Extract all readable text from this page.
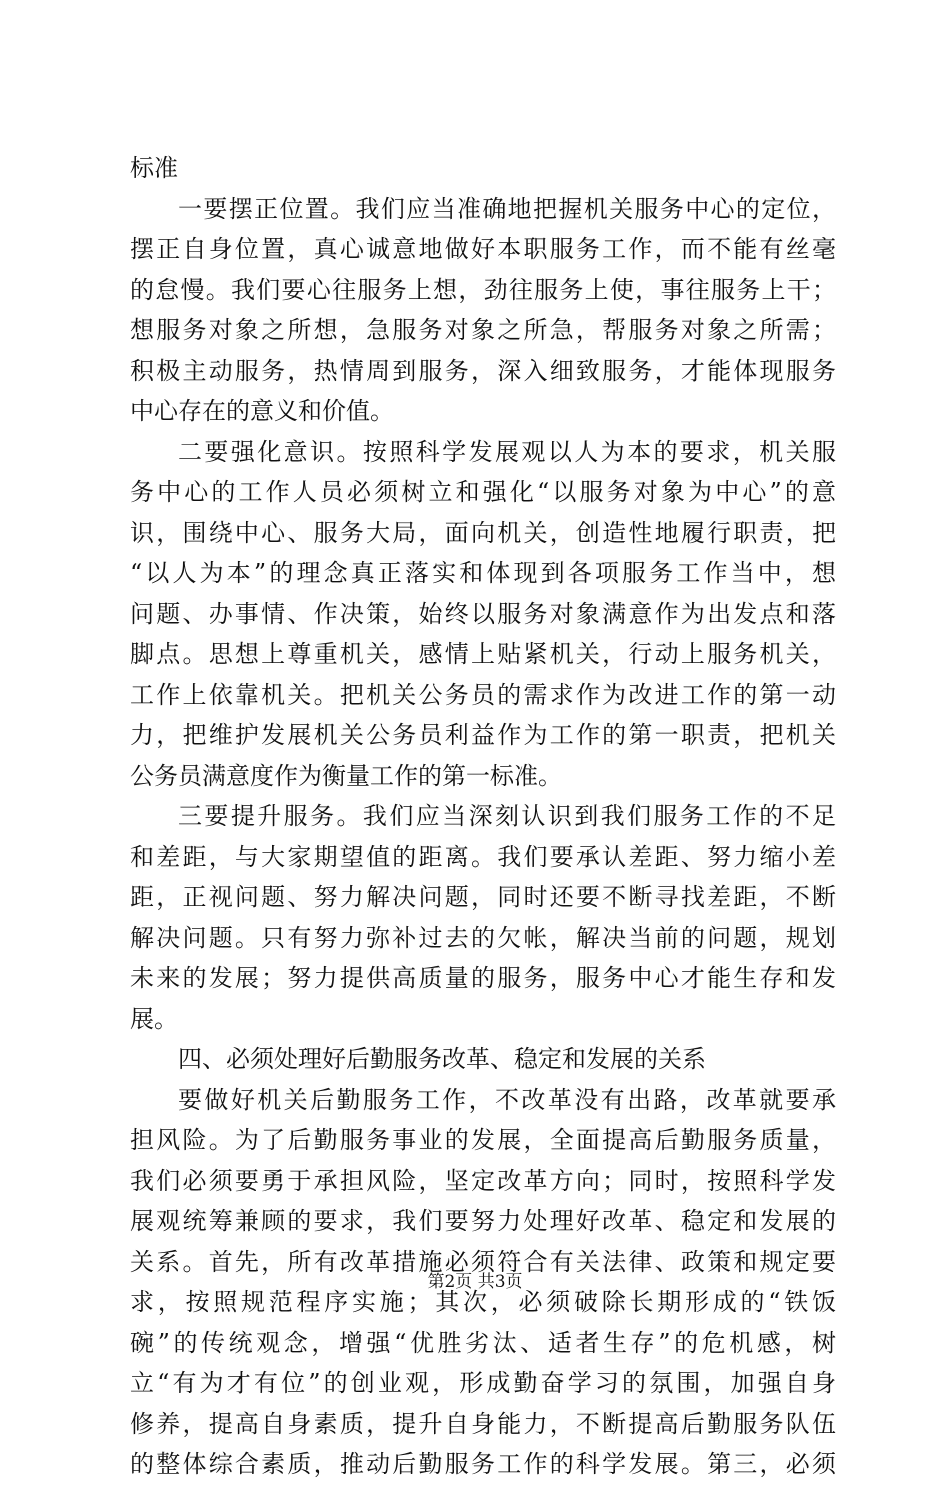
标准
一要摆正位置。我们应当准确地把握机关服务中心的定位，
摆正自身位置，真心诚意地做好本职服务工作，而不能有丝毫
的怠慢。我们要心往服务上想，劲往服务上使，事往服务上干；
想服务对象之所想，急服务对象之所急，帮服务对象之所需；
积极主动服务，热情周到服务，深入细致服务，才能体现服务
中心存在的意义和价值。
二要强化意识。按照科学发展观以人为本的要求，机关服
务中心的工作人员必须树立和强化“以服务对象为中心”的意
识，围绕中心、服务大局，面向机关，创造性地履行职责，把
“以人为本”的理念真正落实和体现到各项服务工作当中，想
问题、办事情、作决策，始终以服务对象满意作为出发点和落
脚点。思想上尊重机关，感情上贴紧机关，行动上服务机关，
工作上依靠机关。把机关公务员的需求作为改进工作的第一动
力，把维护发展机关公务员利益作为工作的第一职责，把机关
公务员满意度作为衡量工作的第一标准。
三要提升服务。我们应当深刻认识到我们服务工作的不足
和差距，与大家期望值的距离。我们要承认差距、努力缩小差
距，正视问题、努力解决问题，同时还要不断寻找差距，不断
解决问题。只有努力弥补过去的欠帐，解决当前的问题，规划
未来的发展；努力提供高质量的服务，服务中心才能生存和发
展。
四、必须处理好后勤服务改革、稳定和发展的关系
要做好机关后勤服务工作，不改革没有出路，改革就要承
担风险。为了后勤服务事业的发展，全面提高后勤服务质量，
我们必须要勇于承担风险，坚定改革方向；同时，按照科学发
展观统筹兼顾的要求，我们要努力处理好改革、稳定和发展的
关系。首先，所有改革措施必须符合有关法律、政策和规定要
求，按照规范程序实施；其次，必须破除长期形成的“铁饭
碗”的传统观念，增强“优胜劣汰、适者生存”的危机感，树
立“有为才有位”的创业观，形成勤奋学习的氛围，加强自身
修养，提高自身素质，提升自身能力，不断提高后勤服务队伍
的整体综合素质，推动后勤服务工作的科学发展。第三，必须
第2页 共3页
